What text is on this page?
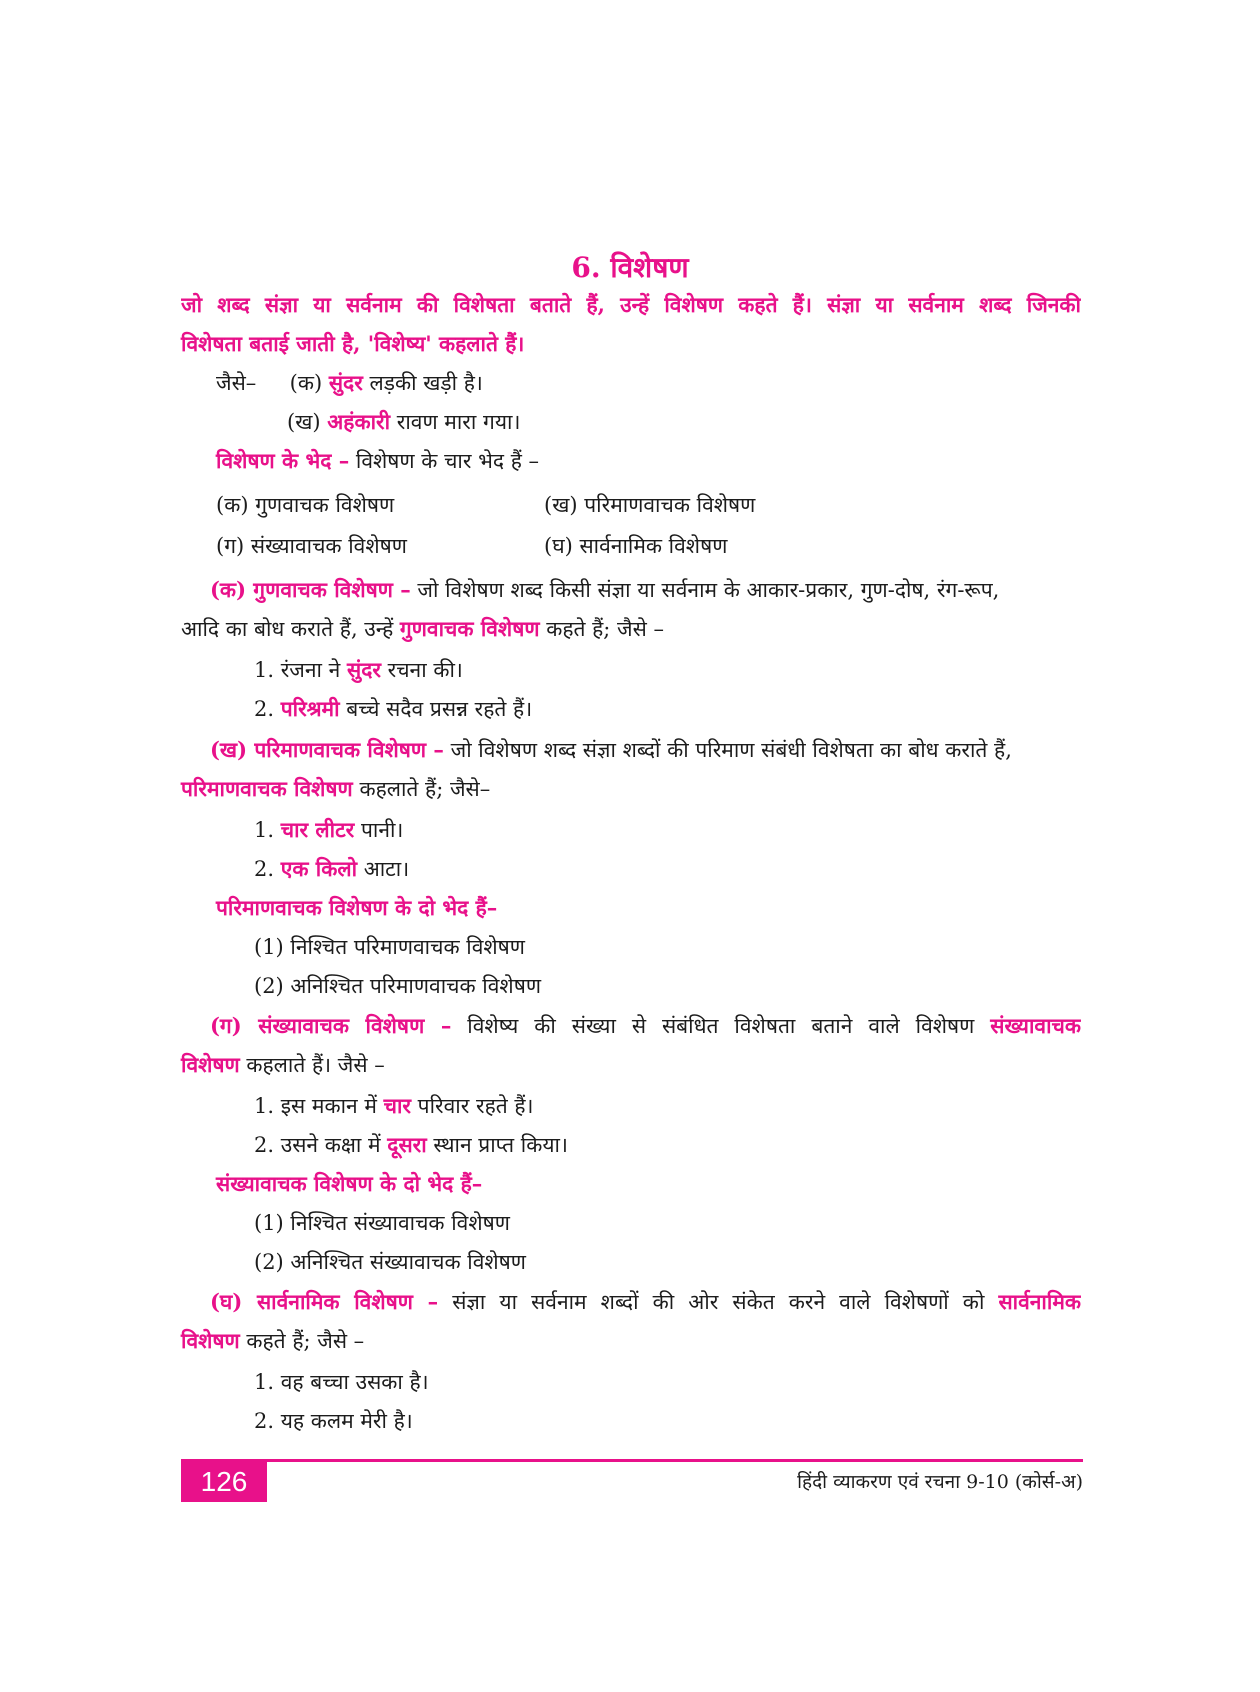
6. विशेषण
जो शब्द संज्ञा या सर्वनाम की विशेषता बताते हैं, उन्हें विशेषण कहते हैं। संज्ञा या सर्वनाम शब्द जिनकी
विशेषता बताई जाती है, 'विशेष्य' कहलाते हैं।
जैसे– (क) सुंदर लड़की खड़ी है।
(ख) अहंकारी रावण मारा गया।
विशेषण के भेद – विशेषण के चार भेद हैं –
(क) गुणवाचक विशेषण	(ख) परिमाणवाचक विशेषण
(ग) संख्यावाचक विशेषण	(घ) सार्वनामिक विशेषण
(क) गुणवाचक विशेषण – जो विशेषण शब्द किसी संज्ञा या सर्वनाम के आकार-प्रकार, गुण-दोष, रंग-रूप,
आदि का बोध कराते हैं, उन्हें गुणवाचक विशेषण कहते हैं; जैसे –
1. रंजना ने सुंदर रचना की।
2. परिश्रमी बच्चे सदैव प्रसन्न रहते हैं।
(ख) परिमाणवाचक विशेषण – जो विशेषण शब्द संज्ञा शब्दों की परिमाण संबंधी विशेषता का बोध कराते हैं,
परिमाणवाचक विशेषण कहलाते हैं; जैसे–
1. चार लीटर पानी।
2. एक किलो आटा।
परिमाणवाचक विशेषण के दो भेद हैं–
(1) निश्चित परिमाणवाचक विशेषण
(2) अनिश्चित परिमाणवाचक विशेषण
(ग) संख्यावाचक विशेषण – विशेष्य की संख्या से संबंधित विशेषता बताने वाले विशेषण संख्यावाचक
विशेषण कहलाते हैं। जैसे –
1. इस मकान में चार परिवार रहते हैं।
2. उसने कक्षा में दूसरा स्थान प्राप्त किया।
संख्यावाचक विशेषण के दो भेद हैं–
(1) निश्चित संख्यावाचक विशेषण
(2) अनिश्चित संख्यावाचक विशेषण
(घ) सार्वनामिक विशेषण – संज्ञा या सर्वनाम शब्दों की ओर संकेत करने वाले विशेषणों को सार्वनामिक
विशेषण कहते हैं; जैसे –
1. वह बच्चा उसका है।
2. यह कलम मेरी है।
126	हिंदी व्याकरण एवं रचना 9-10 (कोर्स-अ)
